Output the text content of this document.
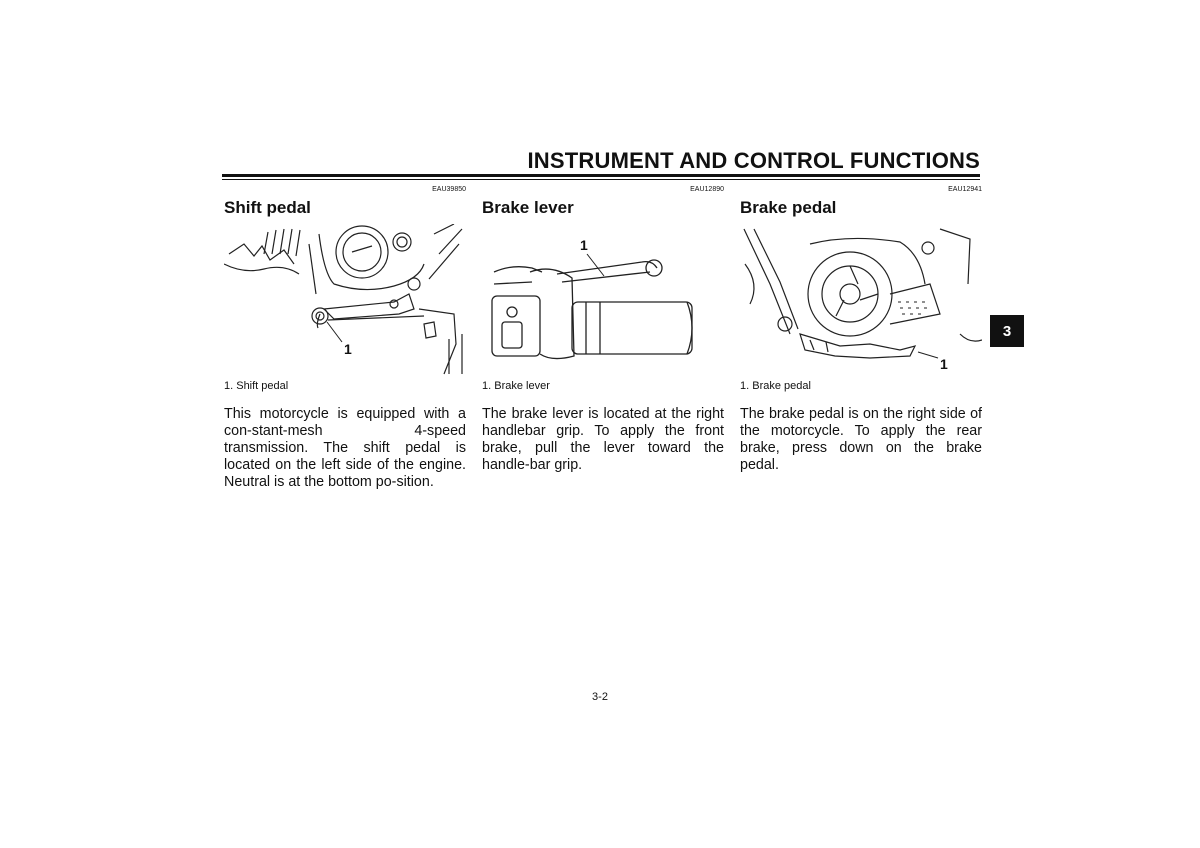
INSTRUMENT AND CONTROL FUNCTIONS
EAU39850
Shift pedal
1
1. Shift pedal
This motorcycle is equipped with a con-stant-mesh 4-speed transmission. The shift pedal is located on the left side of the engine. Neutral is at the bottom po-sition.
EAU12890
Brake lever
1
1. Brake lever
The brake lever is located at the right handlebar grip. To apply the front brake, pull the lever toward the handle-bar grip.
EAU12941
Brake pedal
1
1. Brake pedal
The brake pedal is on the right side of the motorcycle. To apply the rear brake, press down on the brake pedal.
3
3-2
